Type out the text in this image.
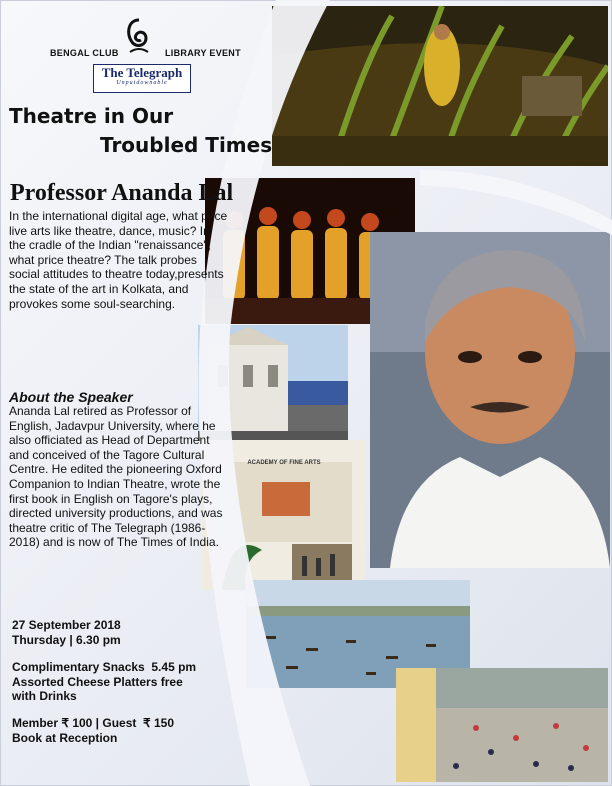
ACADEMY OF FINE ARTS
BENGAL CLUB	LIBRARY EVENT
The Telegraph
Unputdownable
Theatre in Our
Troubled Times
Professor Ananda Lal
In the international digital age, what price live arts like theatre, dance, music? In the cradle of the Indian "renaissance", what price theatre? The talk probes social attitudes to theatre today,presents the state of the art in Kolkata, and provokes some soul-searching.
About the Speaker
Ananda Lal retired as Professor of English, Jadavpur University, where he also officiated as Head of Department and conceived of the Tagore Cultural Centre. He edited the pioneering Oxford Companion to Indian Theatre, wrote the first book in English on Tagore's plays, directed university productions, and was theatre critic of The Telegraph (1986-2018) and is now of The Times of India.
27 September 2018
Thursday | 6.30 pm
Complimentary Snacks  5.45 pm
Assorted Cheese Platters free
with Drinks
Member ₹ 100 | Guest  ₹ 150
Book at Reception
